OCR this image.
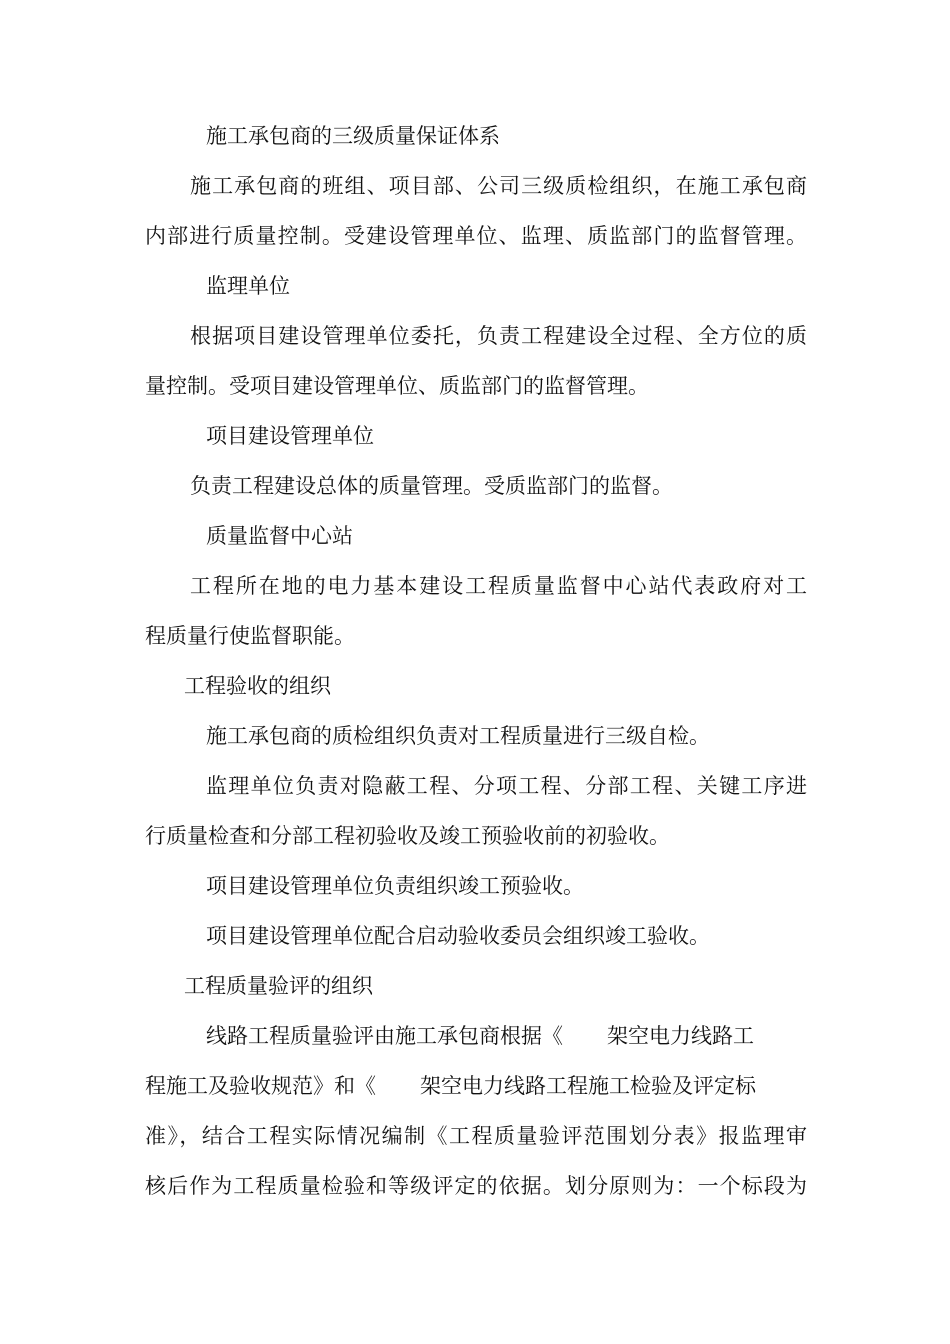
施工承包商的三级质量保证体系

施工承包商的班组、项目部、公司三级质检组织，在施工承包商

内部进行质量控制。受建设管理单位、监理、质监部门的监督管理。

监理单位

根据项目建设管理单位委托，负责工程建设全过程、全方位的质

量控制。受项目建设管理单位、质监部门的监督管理。

项目建设管理单位

负责工程建设总体的质量管理。受质监部门的监督。

质量监督中心站

工程所在地的电力基本建设工程质量监督中心站代表政府对工

程质量行使监督职能。

工程验收的组织

施工承包商的质检组织负责对工程质量进行三级自检。

监理单位负责对隐蔽工程、分项工程、分部工程、关键工序进

行质量检查和分部工程初验收及竣工预验收前的初验收。

项目建设管理单位负责组织竣工预验收。

项目建设管理单位配合启动验收委员会组织竣工验收。

工程质量验评的组织

线路工程质量验评由施工承包商根据《 架空电力线路工

程施工及验收规范》和《 架空电力线路工程施工检验及评定标

准》，结合工程实际情况编制《工程质量验评范围划分表》报监理审

核后作为工程质量检验和等级评定的依据。划分原则为：一个标段为
